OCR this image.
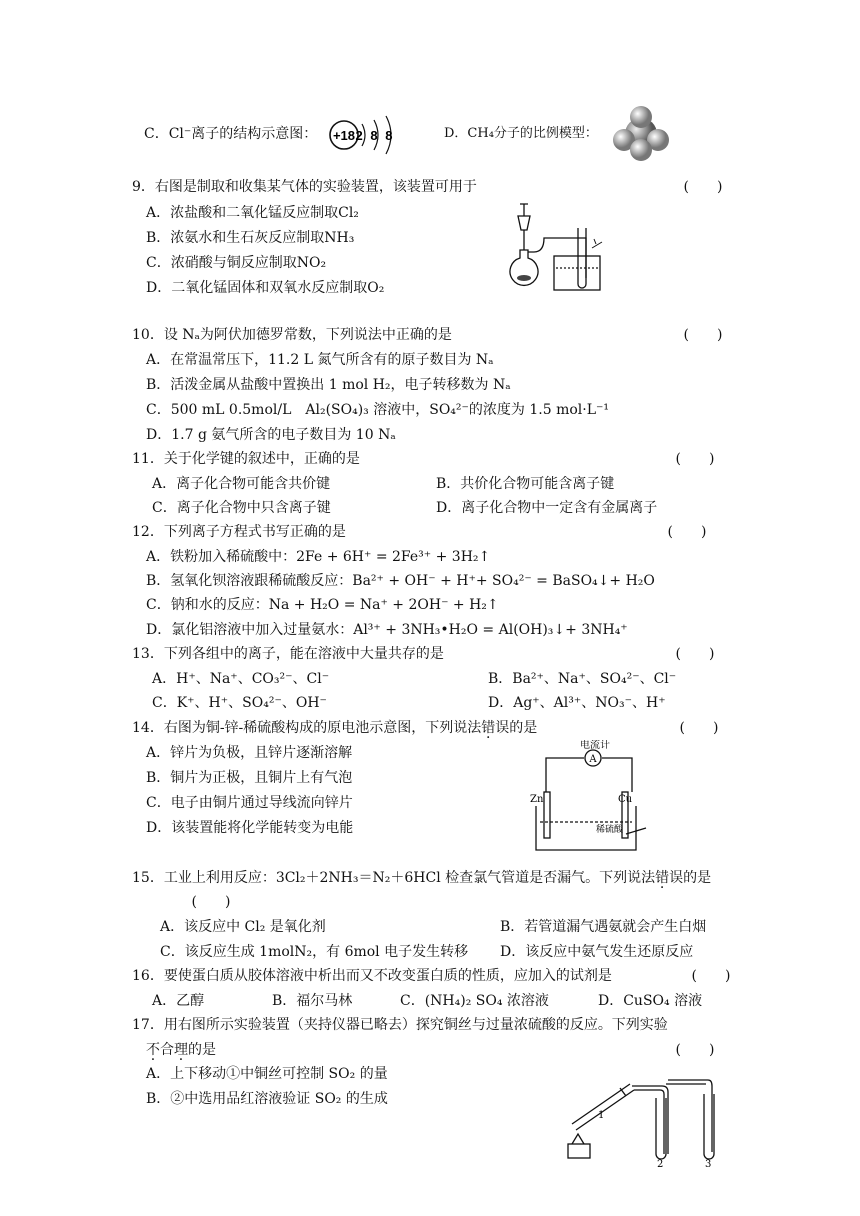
C．Cl⁻离子的结构示意图： +18 2 8 8	D．CH₄分子的比例模型：
9．右图是制取和收集某气体的实验装置，该装置可用于	(　　)
A．浓盐酸和二氧化锰反应制取Cl₂
B．浓氨水和生石灰反应制取NH₃
C．浓硝酸与铜反应制取NO₂
D．二氧化锰固体和双氧水反应制取O₂
10．设 Nₐ为阿伏加德罗常数，下列说法中正确的是	(　　)
A．在常温常压下，11.2 L 氮气所含有的原子数目为 Nₐ
B．活泼金属从盐酸中置换出 1 mol H₂，电子转移数为 Nₐ
C．500 mL 0.5mol/L　Al₂(SO₄)₃ 溶液中，SO₄²⁻的浓度为 1.5 mol·L⁻¹
D．1.7 g 氨气所含的电子数目为 10 Nₐ
11．关于化学键的叙述中，正确的是	(　　)
A．离子化合物可能含共价键	B．共价化合物可能含离子键
C．离子化合物中只含离子键	D．离子化合物中一定含有金属离子
12．下列离子方程式书写正确的是	(　　)
A．铁粉加入稀硫酸中：2Fe + 6H⁺ = 2Fe³⁺ + 3H₂↑
B．氢氧化钡溶液跟稀硫酸反应：Ba²⁺ + OH⁻ + H⁺+ SO₄²⁻ = BaSO₄↓+ H₂O
C．钠和水的反应：Na + H₂O = Na⁺ + 2OH⁻ + H₂↑
D．氯化铝溶液中加入过量氨水：Al³⁺ + 3NH₃•H₂O = Al(OH)₃↓+ 3NH₄⁺
13．下列各组中的离子，能在溶液中大量共存的是	(　　)
A．H⁺、Na⁺、CO₃²⁻、Cl⁻	B．Ba²⁺、Na⁺、SO₄²⁻、Cl⁻
C．K⁺、H⁺、SO₄²⁻、OH⁻	D．Ag⁺、Al³⁺、NO₃⁻、H⁺
14．右图为铜-锌-稀硫酸构成的原电池示意图，下列说法错误的是	(　　)
A．锌片为负极，且锌片逐渐溶解
B．铜片为正极，且铜片上有气泡
C．电子由铜片通过导线流向锌片
D．该装置能将化学能转变为电能
A
电流计
Zn	Cu
稀硫酸
15．工业上利用反应：3Cl₂＋2NH₃＝N₂＋6HCl 检查氯气管道是否漏气。下列说法错误的是
(　　)
A．该反应中 Cl₂ 是氧化剂	B．若管道漏气遇氨就会产生白烟
C．该反应生成 1molN₂，有 6mol 电子发生转移 D．该反应中氨气发生还原反应
16．要使蛋白质从胶体溶液中析出而又不改变蛋白质的性质，应加入的试剂是	(　　)
A．乙醇	B．福尔马林	C．(NH₄)₂ SO₄ 浓溶液	D．CuSO₄ 溶液
17．用右图所示实验装置（夹持仪器已略去）探究铜丝与过量浓硫酸的反应。下列实验
不合理的是	(　　)
A．上下移动①中铜丝可控制 SO₂ 的量
B．②中选用品红溶液验证 SO₂ 的生成
1
2	3
